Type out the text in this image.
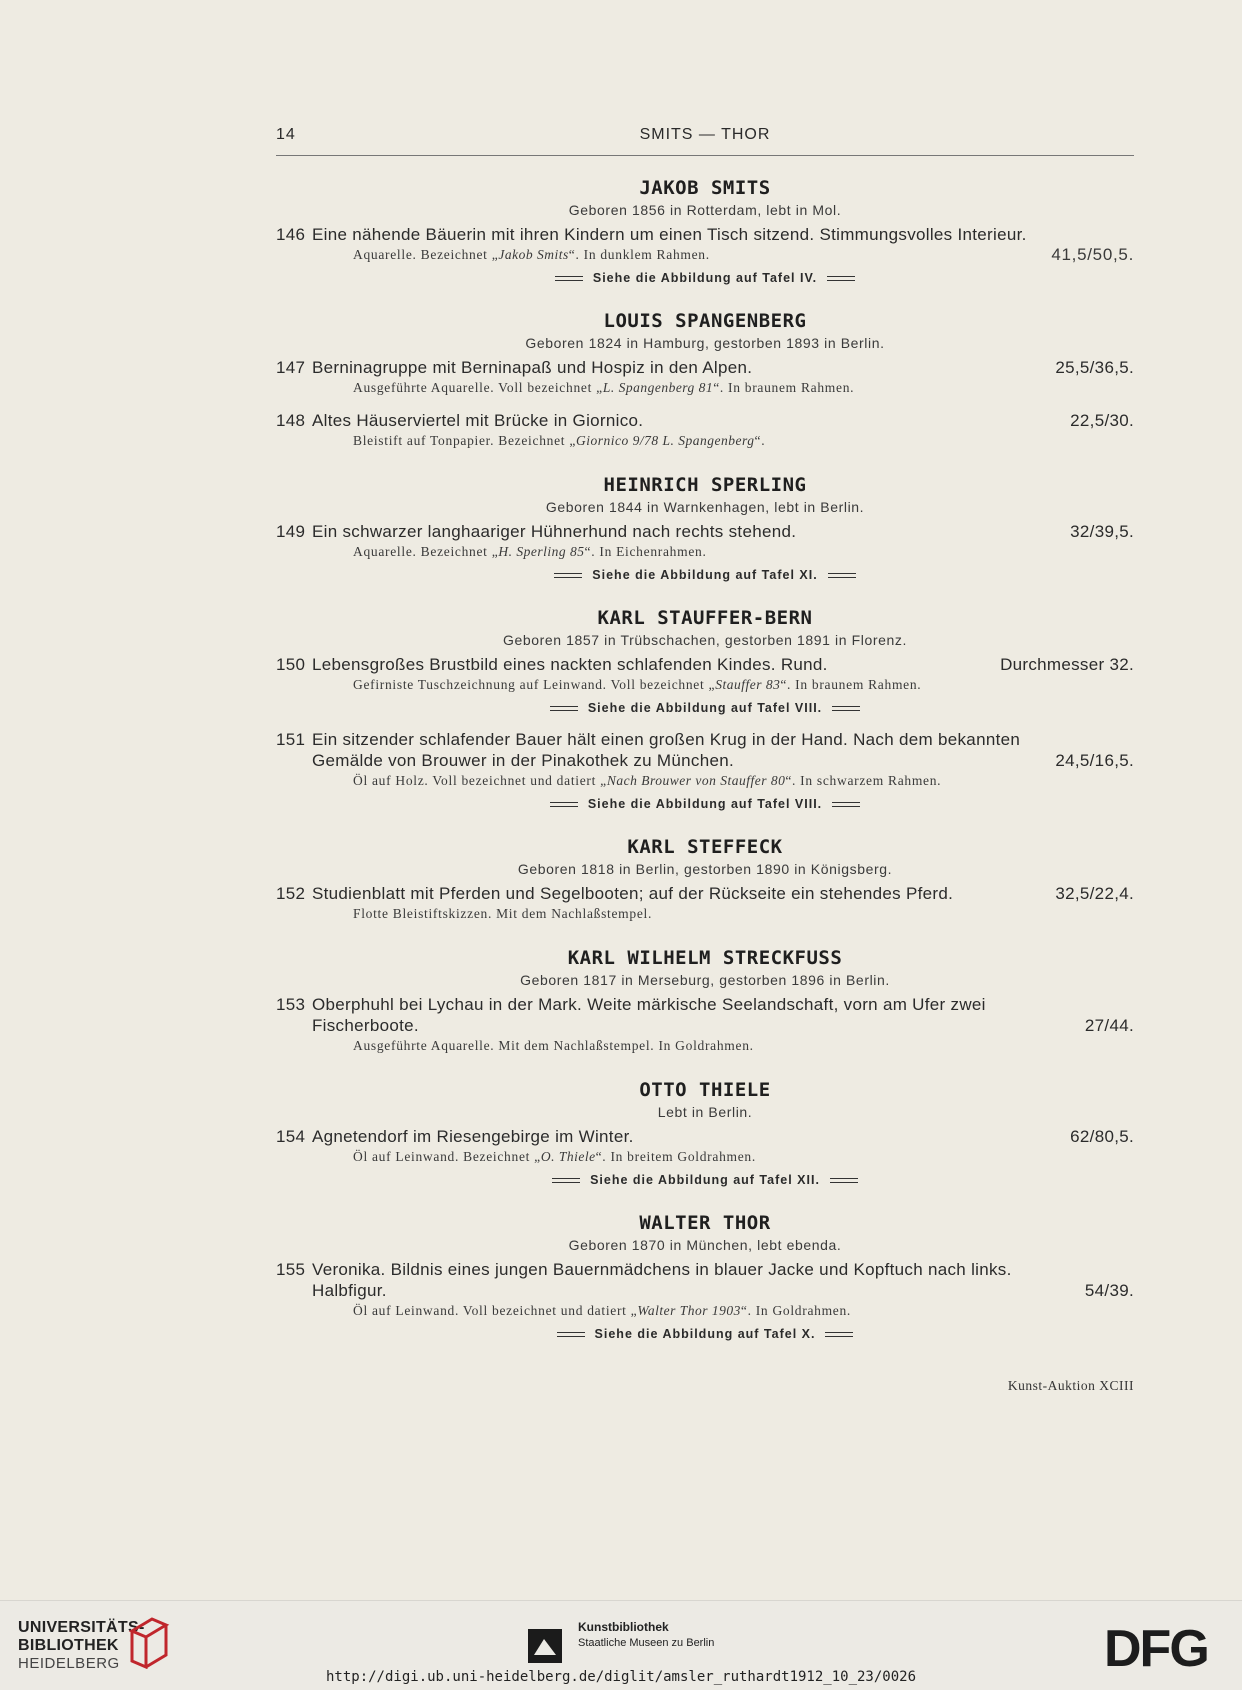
14	SMITS — THOR
JAKOB SMITS
Geboren 1856 in Rotterdam, lebt in Mol.
146 Eine nähende Bäuerin mit ihren Kindern um einen Tisch sitzend. Stimmungsvolles Interieur.
Aquarelle. Bezeichnet „Jakob Smits“. In dunklem Rahmen.	41,5/50,5.
Siehe die Abbildung auf Tafel IV.
LOUIS SPANGENBERG
Geboren 1824 in Hamburg, gestorben 1893 in Berlin.
147 Berninagruppe mit Berninapaß und Hospiz in den Alpen.	25,5/36,5.
Ausgeführte Aquarelle. Voll bezeichnet „L. Spangenberg 81“. In braunem Rahmen.
148 Altes Häuserviertel mit Brücke in Giornico.	22,5/30.
Bleistift auf Tonpapier. Bezeichnet „Giornico 9/78 L. Spangenberg“.
HEINRICH SPERLING
Geboren 1844 in Warnkenhagen, lebt in Berlin.
149 Ein schwarzer langhaariger Hühnerhund nach rechts stehend.	32/39,5.
Aquarelle. Bezeichnet „H. Sperling 85“. In Eichenrahmen.
Siehe die Abbildung auf Tafel XI.
KARL STAUFFER-BERN
Geboren 1857 in Trübschachen, gestorben 1891 in Florenz.
150 Lebensgroßes Brustbild eines nackten schlafenden Kindes. Rund.	Durchmesser 32.
Gefirniste Tuschzeichnung auf Leinwand. Voll bezeichnet „Stauffer 83“. In braunem Rahmen.
Siehe die Abbildung auf Tafel VIII.
151 Ein sitzender schlafender Bauer hält einen großen Krug in der Hand. Nach dem bekannten
Gemälde von Brouwer in der Pinakothek zu München.	24,5/16,5.
Öl auf Holz. Voll bezeichnet und datiert „Nach Brouwer von Stauffer 80“. In schwarzem Rahmen.
Siehe die Abbildung auf Tafel VIII.
KARL STEFFECK
Geboren 1818 in Berlin, gestorben 1890 in Königsberg.
152 Studienblatt mit Pferden und Segelbooten; auf der Rückseite ein stehendes Pferd.	32,5/22,4.
Flotte Bleistiftskizzen. Mit dem Nachlaßstempel.
KARL WILHELM STRECKFUSS
Geboren 1817 in Merseburg, gestorben 1896 in Berlin.
153 Oberphuhl bei Lychau in der Mark. Weite märkische Seelandschaft, vorn am Ufer zwei
Fischerboote.	27/44.
Ausgeführte Aquarelle. Mit dem Nachlaßstempel. In Goldrahmen.
OTTO THIELE
Lebt in Berlin.
154 Agnetendorf im Riesengebirge im Winter.	62/80,5.
Öl auf Leinwand. Bezeichnet „O. Thiele“. In breitem Goldrahmen.
Siehe die Abbildung auf Tafel XII.
WALTER THOR
Geboren 1870 in München, lebt ebenda.
155 Veronika. Bildnis eines jungen Bauernmädchens in blauer Jacke und Kopftuch nach links.
Halbfigur.	54/39.
Öl auf Leinwand. Voll bezeichnet und datiert „Walter Thor 1903“. In Goldrahmen.
Siehe die Abbildung auf Tafel X.
Kunst-Auktion XCIII
UNIVERSITÄTS-
BIBLIOTHEK
HEIDELBERG
Kunstbibliothek
Staatliche Museen zu Berlin	DFG
http://digi.ub.uni-heidelberg.de/diglit/amsler_ruthardt1912_10_23/0026
